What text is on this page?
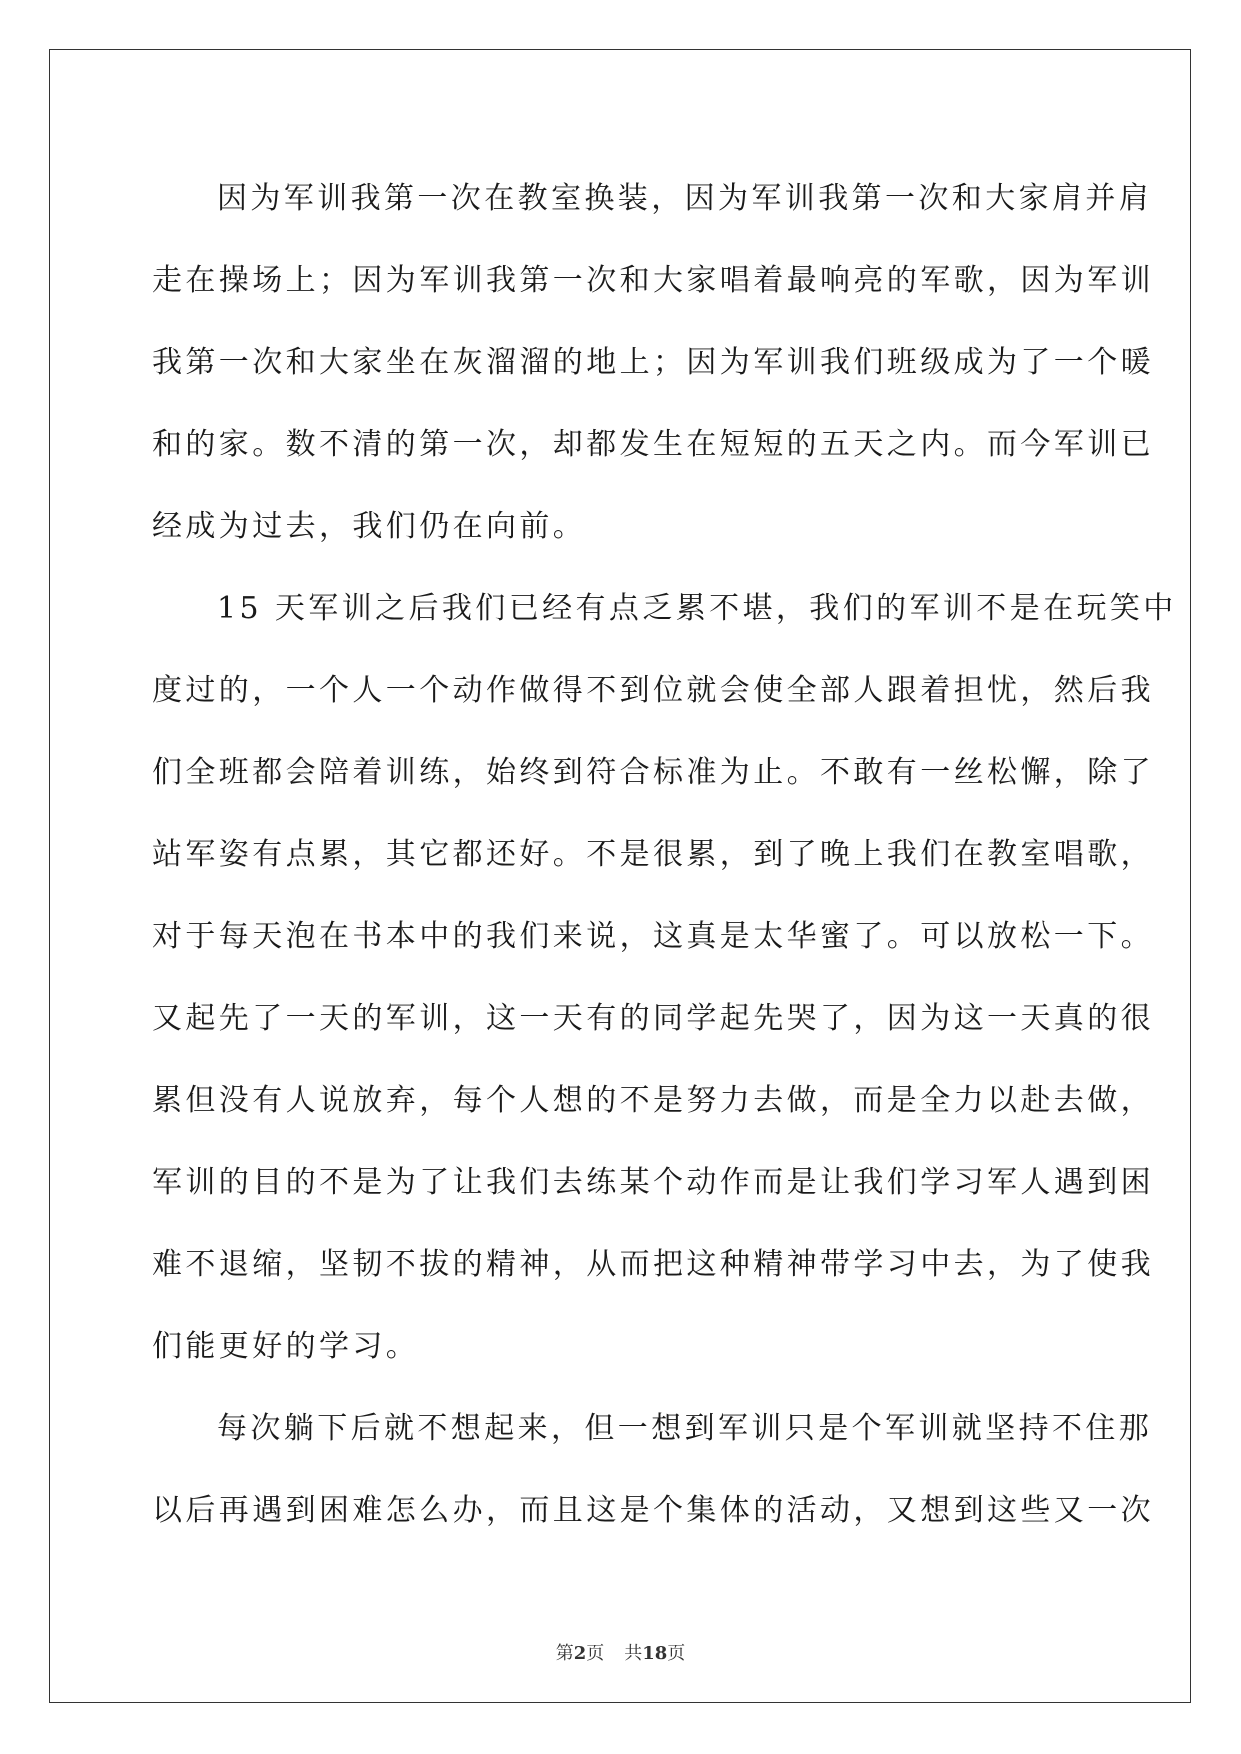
因为军训我第一次在教室换装，因为军训我第一次和大家肩并肩
走在操场上；因为军训我第一次和大家唱着最响亮的军歌，因为军训
我第一次和大家坐在灰溜溜的地上；因为军训我们班级成为了一个暖
和的家。数不清的第一次，却都发生在短短的五天之内。而今军训已
经成为过去，我们仍在向前。
15 天军训之后我们已经有点乏累不堪，我们的军训不是在玩笑中
度过的，一个人一个动作做得不到位就会使全部人跟着担忧，然后我
们全班都会陪着训练，始终到符合标准为止。不敢有一丝松懈，除了
站军姿有点累，其它都还好。不是很累，到了晚上我们在教室唱歌，
对于每天泡在书本中的我们来说，这真是太华蜜了。可以放松一下。
又起先了一天的军训，这一天有的同学起先哭了，因为这一天真的很
累但没有人说放弃，每个人想的不是努力去做，而是全力以赴去做，
军训的目的不是为了让我们去练某个动作而是让我们学习军人遇到困
难不退缩，坚韧不拔的精神，从而把这种精神带学习中去，为了使我
们能更好的学习。
每次躺下后就不想起来，但一想到军训只是个军训就坚持不住那
以后再遇到困难怎么办，而且这是个集体的活动，又想到这些又一次
第2页 共18页
